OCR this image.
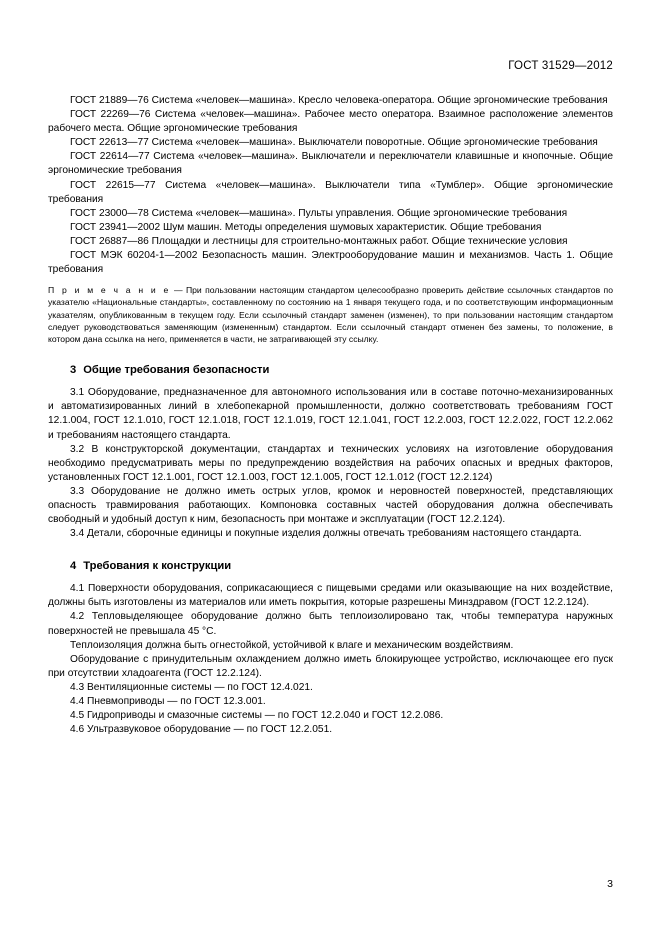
ГОСТ 31529—2012

ГОСТ 21889—76 Система «человек—машина». Кресло человека-оператора. Общие эргономические требования

ГОСТ 22269—76 Система «человек—машина». Рабочее место оператора. Взаимное расположение элементов рабочего места. Общие эргономические требования

ГОСТ 22613—77 Система «человек—машина». Выключатели поворотные. Общие эргономические требования

ГОСТ 22614—77 Система «человек—машина». Выключатели и переключатели клавишные и кнопочные. Общие эргономические требования

ГОСТ 22615—77 Система «человек—машина». Выключатели типа «Тумблер». Общие эргономические требования

ГОСТ 23000—78 Система «человек—машина». Пульты управления. Общие эргономические требования

ГОСТ 23941—2002 Шум машин. Методы определения шумовых характеристик. Общие требования

ГОСТ 26887—86 Площадки и лестницы для строительно-монтажных работ. Общие технические условия

ГОСТ МЭК 60204-1—2002 Безопасность машин. Электрооборудование машин и механизмов. Часть 1. Общие требования

П р и м е ч а н и е — При пользовании настоящим стандартом целесообразно проверить действие ссылочных стандартов по указателю «Национальные стандарты», составленному по состоянию на 1 января текущего года, и по соответствующим информационным указателям, опубликованным в текущем году. Если ссылочный стандарт заменен (изменен), то при пользовании настоящим стандартом следует руководствоваться заменяющим (измененным) стандартом. Если ссылочный стандарт отменен без замены, то положение, в котором дана ссылка на него, применяется в части, не затрагивающей эту ссылку.
3 Общие требования безопасности

3.1 Оборудование, предназначенное для автономного использования или в составе поточно-механизированных и автоматизированных линий в хлебопекарной промышленности, должно соответствовать требованиям ГОСТ 12.1.004, ГОСТ 12.1.010, ГОСТ 12.1.018, ГОСТ 12.1.019, ГОСТ 12.1.041, ГОСТ 12.2.003, ГОСТ 12.2.022, ГОСТ 12.2.062 и требованиям настоящего стандарта.

3.2 В конструкторской документации, стандартах и технических условиях на изготовление оборудования необходимо предусматривать меры по предупреждению воздействия на рабочих опасных и вредных факторов, установленных ГОСТ 12.1.001, ГОСТ 12.1.003, ГОСТ 12.1.005, ГОСТ 12.1.012 (ГОСТ 12.2.124)

3.3 Оборудование не должно иметь острых углов, кромок и неровностей поверхностей, представляющих опасность травмирования работающих. Компоновка составных частей оборудования должна обеспечивать свободный и удобный доступ к ним, безопасность при монтаже и эксплуатации (ГОСТ 12.2.124).

3.4 Детали, сборочные единицы и покупные изделия должны отвечать требованиям настоящего стандарта.

4 Требования к конструкции

4.1 Поверхности оборудования, соприкасающиеся с пищевыми средами или оказывающие на них воздействие, должны быть изготовлены из материалов или иметь покрытия, которые разрешены Минздравом (ГОСТ 12.2.124).

4.2 Тепловыделяющее оборудование должно быть теплоизолировано так, чтобы температура наружных поверхностей не превышала 45 °С.

Теплоизоляция должна быть огнестойкой, устойчивой к влаге и механическим воздействиям.

Оборудование с принудительным охлаждением должно иметь блокирующее устройство, исключающее его пуск при отсутствии хладоагента (ГОСТ 12.2.124).

4.3 Вентиляционные системы — по ГОСТ 12.4.021.

4.4 Пневмоприводы — по ГОСТ 12.3.001.

4.5 Гидроприводы и смазочные системы — по ГОСТ 12.2.040 и ГОСТ 12.2.086.

4.6 Ультразвуковое оборудование — по ГОСТ 12.2.051.

3
